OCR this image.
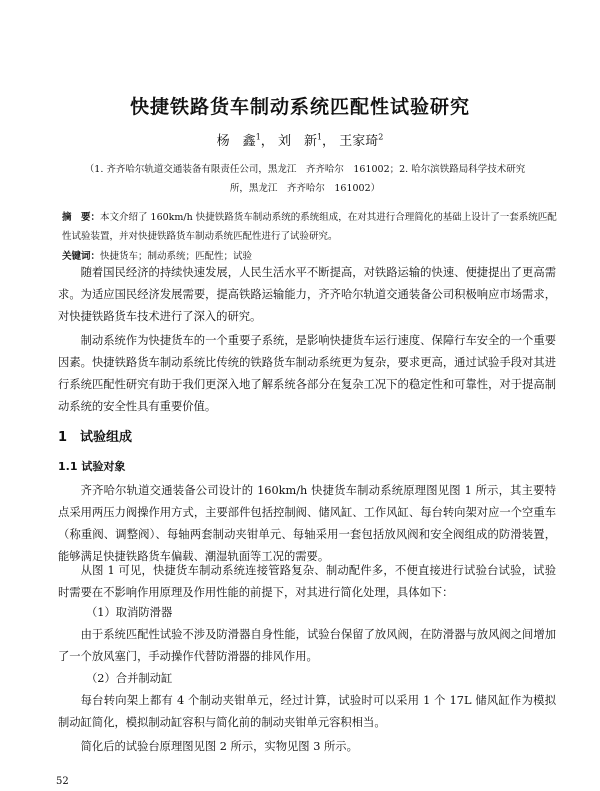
快捷铁路货车制动系统匹配性试验研究
杨　鑫$^1$， 刘　新$^1$， 王家琦$^2$
（1. 齐齐哈尔轨道交通装备有限责任公司，黑龙江　齐齐哈尔　161002；2. 哈尔滨铁路局科学技术研究所，黑龙江　齐齐哈尔　161002）
摘　要：本文介绍了 160km/h 快捷铁路货车制动系统的系统组成，在对其进行合理简化的基础上设计了一套系统匹配性试验装置，并对快捷铁路货车制动系统匹配性进行了试验研究。
关键词：快捷货车；制动系统；匹配性；试验

随着国民经济的持续快速发展，人民生活水平不断提高，对铁路运输的快速、便捷提出了更高需求。为适应国民经济发展需要，提高铁路运输能力，齐齐哈尔轨道交通装备公司积极响应市场需求，对快捷铁路货车技术进行了深入的研究。

制动系统作为快捷货车的一个重要子系统，是影响快捷货车运行速度、保障行车安全的一个重要因素。快捷铁路货车制动系统比传统的铁路货车制动系统更为复杂，要求更高，通过试验手段对其进行系统匹配性研究有助于我们更深入地了解系统各部分在复杂工况下的稳定性和可靠性，对于提高制动系统的安全性具有重要价值。

1　试验组成
1.1 试验对象

齐齐哈尔轨道交通装备公司设计的 160km/h 快捷货车制动系统原理图见图 1 所示，其主要特点采用两压力阀操作用方式，主要部件包括控制阀、储风缸、工作风缸、每台转向架对应一个空重车（称重阀、调整阀）、每轴两套制动夹钳单元、每轴采用一套包括放风阀和安全阀组成的防滑装置，能够满足快捷铁路货车偏载、潮湿轨面等工况的需要。

从图 1 可见，快捷货车制动系统连接管路复杂、制动配件多，不便直接进行试验台试验，试验时需要在不影响作用原理及作用性能的前提下，对其进行简化处理，具体如下：

（1）取消防滑器

由于系统匹配性试验不涉及防滑器自身性能，试验台保留了放风阀，在防滑器与放风阀之间增加了一个放风塞门，手动操作代替防滑器的排风作用。

（2）合并制动缸

每台转向架上都有 4 个制动夹钳单元，经过计算，试验时可以采用 1 个 17L 储风缸作为模拟制动缸简化，模拟制动缸容积与简化前的制动夹钳单元容积相当。

简化后的试验台原理图见图 2 所示，实物见图 3 所示。

52
